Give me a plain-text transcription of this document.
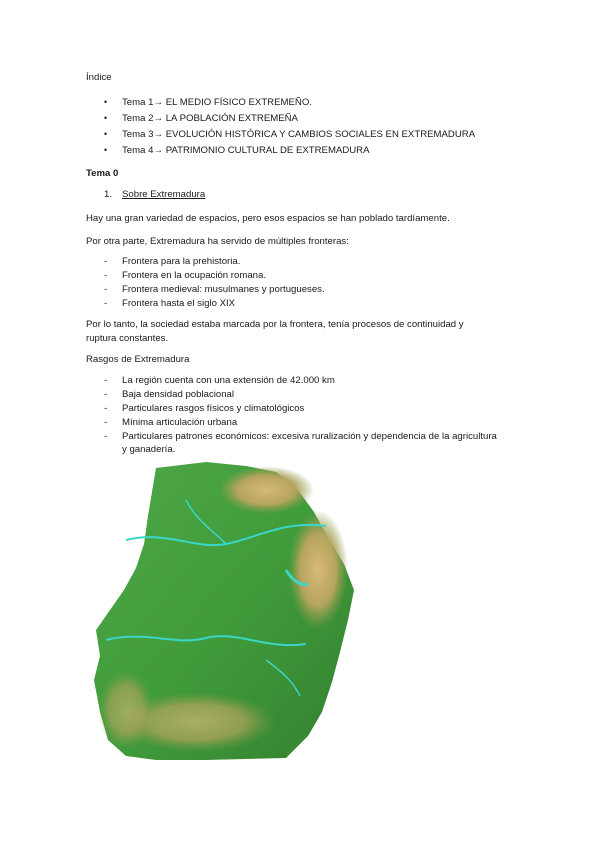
Índice
• Tema 1→ EL MEDIO FÍSICO EXTREMEÑO.
• Tema 2→ LA POBLACIÓN EXTREMEÑA
• Tema 3→ EVOLUCIÓN HISTÓRICA Y CAMBIOS SOCIALES EN EXTREMADURA
• Tema 4→ PATRIMONIO CULTURAL DE EXTREMADURA
Tema 0
1. Sobre Extremadura
Hay una gran variedad de espacios, pero esos espacios se han poblado tardíamente.
Por otra parte, Extremadura ha servido de múltiples fronteras:
- Frontera para la prehistoria.
- Frontera en la ocupación romana.
- Frontera medieval: musulmanes y portugueses.
- Frontera hasta el siglo XIX
Por lo tanto, la sociedad estaba marcada por la frontera, tenía procesos de continuidad y
ruptura constantes.
Rasgos de Extremadura
- La región cuenta con una extensión de 42.000 km
- Baja densidad poblacional
- Particulares rasgos físicos y climatológicos
- Mínima articulación urbana
- Particulares patrones económicos: excesiva ruralización y dependencia de la agricultura
y ganadería.
